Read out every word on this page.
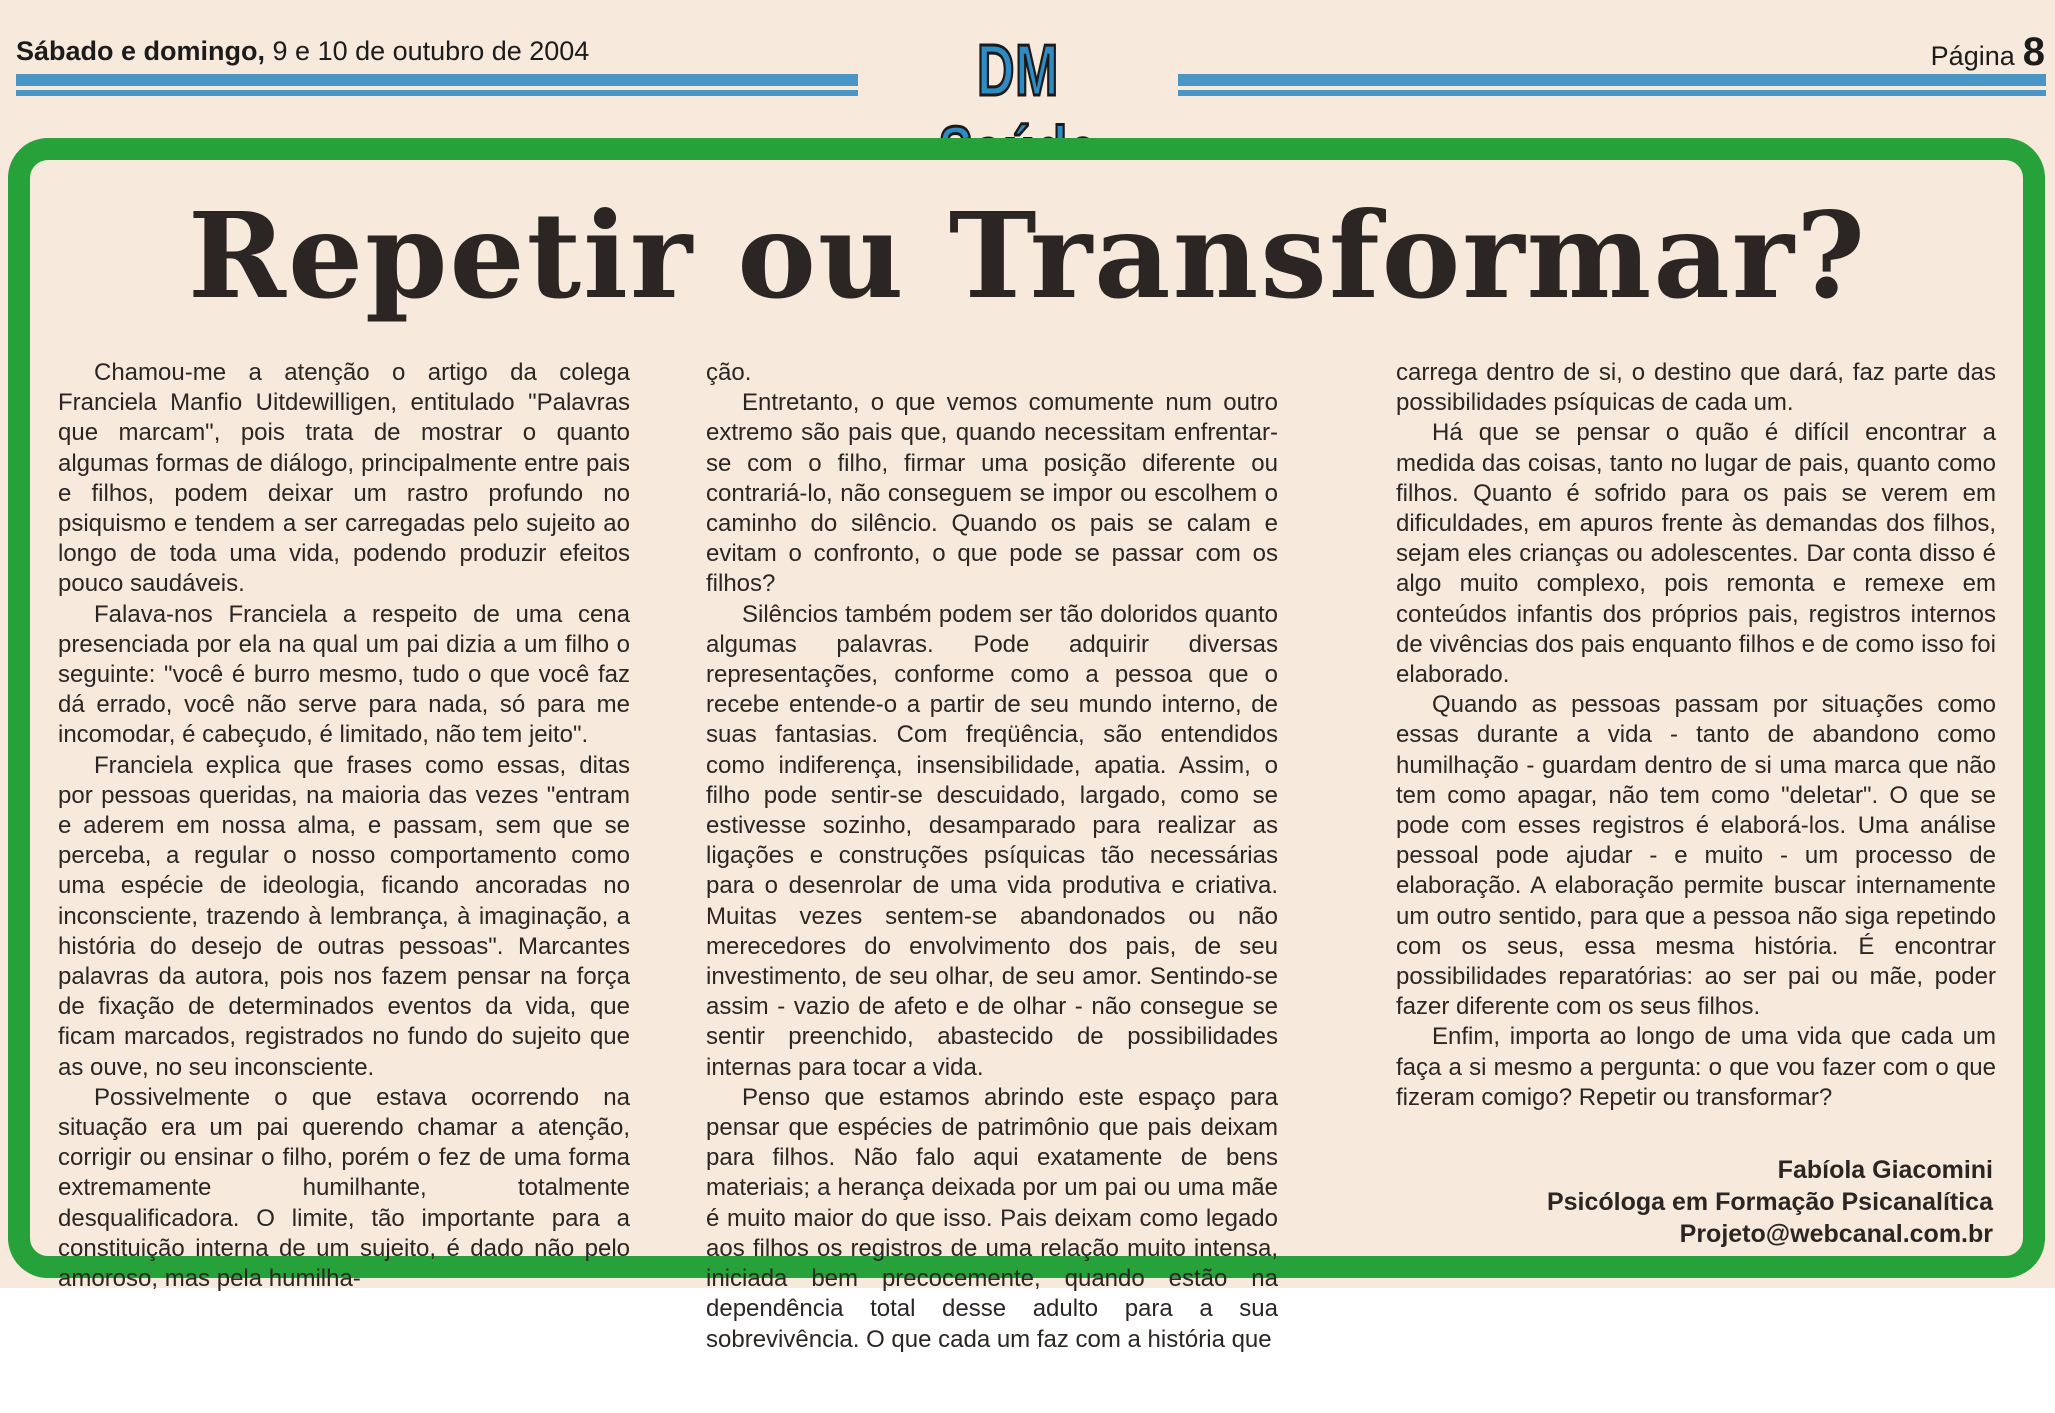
Sábado e domingo, 9 e 10 de outubro de 2004	DM	Página 8
Repetir ou Transformar?

Chamou-me a atenção o artigo da colega Franciela Manfio Uitdewilligen, entitulado "Palavras que marcam", pois trata de mostrar o quanto algumas formas de diálogo, principalmente entre pais e filhos, podem deixar um rastro profundo no psiquismo e tendem a ser carregadas pelo sujeito ao longo de toda uma vida, podendo produzir efeitos pouco saudáveis.

Falava-nos Franciela a respeito de uma cena presenciada por ela na qual um pai dizia a um filho o seguinte: "você é burro mesmo, tudo o que você faz dá errado, você não serve para nada, só para me incomodar, é cabeçudo, é limitado, não tem jeito".

Franciela explica que frases como essas, ditas por pessoas queridas, na maioria das vezes "entram e aderem em nossa alma, e passam, sem que se perceba, a regular o nosso comportamento como uma espécie de ideologia, ficando ancoradas no inconsciente, trazendo à lembrança, à imaginação, a história do desejo de outras pessoas". Marcantes palavras da autora, pois nos fazem pensar na força de fixação de determinados eventos da vida, que ficam marcados, registrados no fundo do sujeito que as ouve, no seu inconsciente.

Possivelmente o que estava ocorrendo na situação era um pai querendo chamar a atenção, corrigir ou ensinar o filho, porém o fez de uma forma extremamente humilhante, totalmente desqualificadora. O limite, tão importante para a constituição interna de um sujeito, é dado não pelo amoroso, mas pela humilha-

ção.

Entretanto, o que vemos comumente num outro extremo são pais que, quando necessitam enfrentar-se com o filho, firmar uma posição diferente ou contrariá-lo, não conseguem se impor ou escolhem o caminho do silêncio. Quando os pais se calam e evitam o confronto, o que pode se passar com os filhos?

Silêncios também podem ser tão doloridos quanto algumas palavras. Pode adquirir diversas representações, conforme como a pessoa que o recebe entende-o a partir de seu mundo interno, de suas fantasias. Com freqüência, são entendidos como indiferença, insensibilidade, apatia. Assim, o filho pode sentir-se descuidado, largado, como se estivesse sozinho, desamparado para realizar as ligações e construções psíquicas tão necessárias para o desenrolar de uma vida produtiva e criativa. Muitas vezes sentem-se abandonados ou não merecedores do envolvimento dos pais, de seu investimento, de seu olhar, de seu amor. Sentindo-se assim - vazio de afeto e de olhar - não consegue se sentir preenchido, abastecido de possibilidades internas para tocar a vida.

Penso que estamos abrindo este espaço para pensar que espécies de patrimônio que pais deixam para filhos. Não falo aqui exatamente de bens materiais; a herança deixada por um pai ou uma mãe é muito maior do que isso. Pais deixam como legado aos filhos os registros de uma relação muito intensa, iniciada bem precocemente, quando estão na dependência total desse adulto para a sua sobrevivência. O que cada um faz com a história que

carrega dentro de si, o destino que dará, faz parte das possibilidades psíquicas de cada um.

Há que se pensar o quão é difícil encontrar a medida das coisas, tanto no lugar de pais, quanto como filhos. Quanto é sofrido para os pais se verem em dificuldades, em apuros frente às demandas dos filhos, sejam eles crianças ou adolescentes. Dar conta disso é algo muito complexo, pois remonta e remexe em conteúdos infantis dos próprios pais, registros internos de vivências dos pais enquanto filhos e de como isso foi elaborado.

Quando as pessoas passam por situações como essas durante a vida - tanto de abandono como humilhação - guardam dentro de si uma marca que não tem como apagar, não tem como "deletar". O que se pode com esses registros é elaborá-los. Uma análise pessoal pode ajudar - e muito - um processo de elaboração. A elaboração permite buscar internamente um outro sentido, para que a pessoa não siga repetindo com os seus, essa mesma história. É encontrar possibilidades reparatórias: ao ser pai ou mãe, poder fazer diferente com os seus filhos.

Enfim, importa ao longo de uma vida que cada um faça a si mesmo a pergunta: o que vou fazer com o que fizeram comigo? Repetir ou transformar?

Fabíola Giacomini
Psicóloga em Formação Psicanalítica
Projeto@webcanal.com.br
